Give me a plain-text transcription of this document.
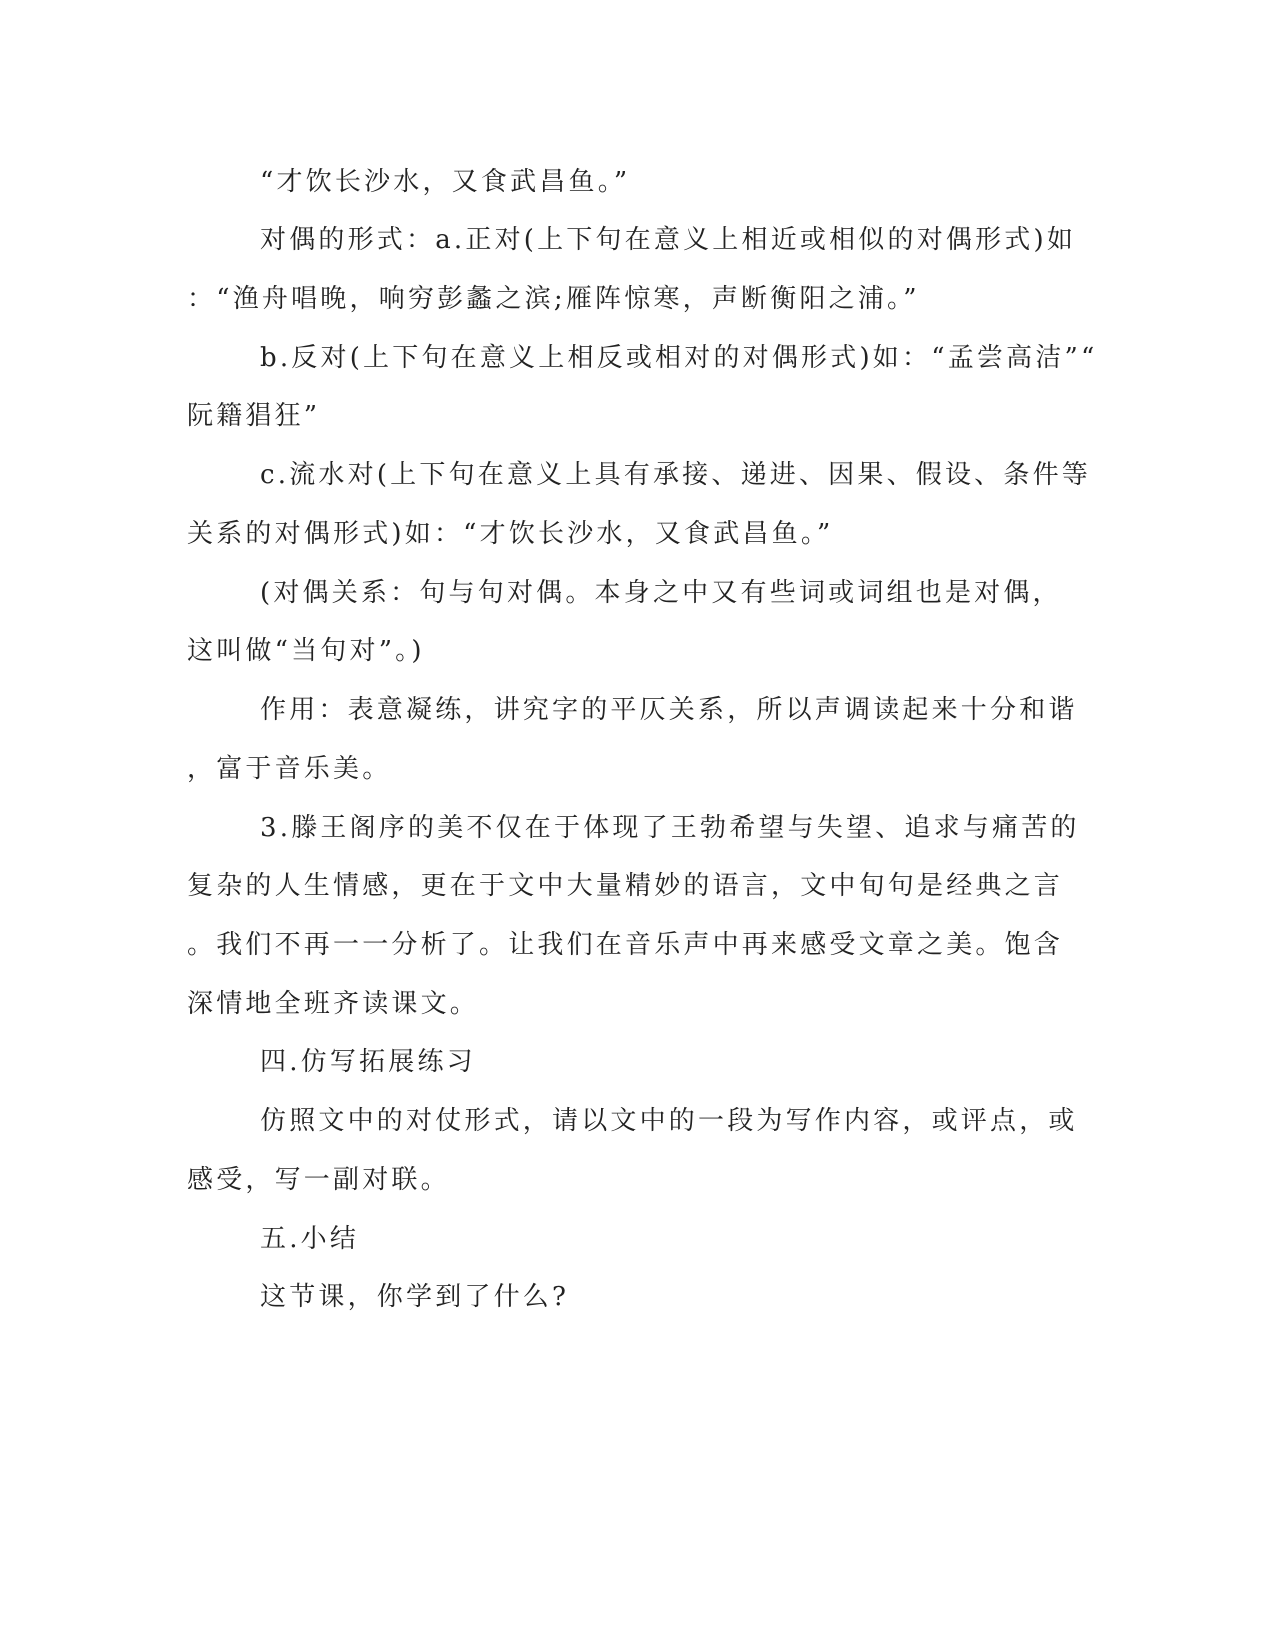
“才饮长沙水，又食武昌鱼。”
对偶的形式：a.正对(上下句在意义上相近或相似的对偶形式)如
：“渔舟唱晚，响穷彭蠡之滨;雁阵惊寒，声断衡阳之浦。”
b.反对(上下句在意义上相反或相对的对偶形式)如：“孟尝高洁”“
阮籍猖狂”
c.流水对(上下句在意义上具有承接、递进、因果、假设、条件等
关系的对偶形式)如：“才饮长沙水，又食武昌鱼。”
(对偶关系：句与句对偶。本身之中又有些词或词组也是对偶，
这叫做“当句对”。)
作用：表意凝练，讲究字的平仄关系，所以声调读起来十分和谐
，富于音乐美。
3.滕王阁序的美不仅在于体现了王勃希望与失望、追求与痛苦的
复杂的人生情感，更在于文中大量精妙的语言，文中旬句是经典之言
。我们不再一一分析了。让我们在音乐声中再来感受文章之美。饱含
深情地全班齐读课文。
四.仿写拓展练习
仿照文中的对仗形式，请以文中的一段为写作内容，或评点，或
感受，写一副对联。
五.小结
这节课，你学到了什么?
